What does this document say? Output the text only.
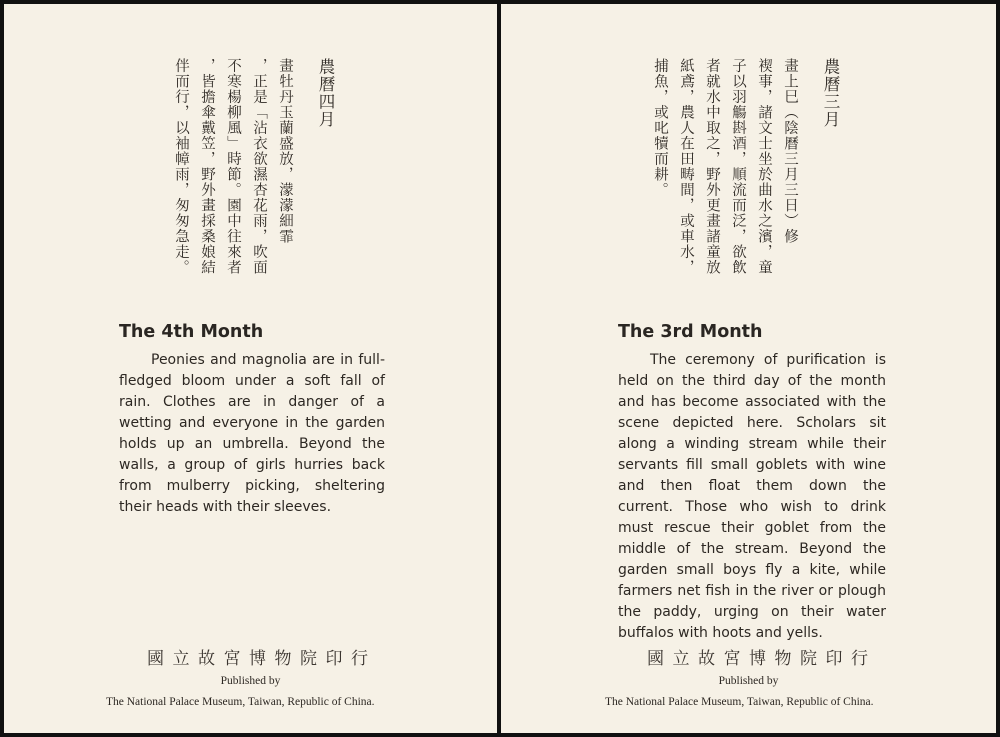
農曆四月
畫牡丹玉蘭盛放，濛濛細霏
，正是「沾衣欲濕杏花雨，吹面
不寒楊柳風」時節。園中往來者
，皆擔傘戴笠，野外畫採桑娘結
伴而行，以袖幛雨，匆匆急走。
The 4th Month

Peonies and magnolia are in full-fledged bloom under a soft fall of rain. Clothes are in danger of a wetting and everyone in the garden holds up an umbrella. Beyond the walls, a group of girls hurries back from mulberry picking, sheltering their heads with their sleeves.

國立故宮博物院印行
Published by
The National Palace Museum, Taiwan, Republic of China.
農曆三月
畫上巳（陰曆三月三日）修
褉事，諸文士坐於曲水之濱，童
子以羽觴斟酒，順流而泛，欲飲
者就水中取之，野外更畫諸童放
紙鳶，農人在田畴間，或車水，
捕魚，或叱犢而耕。
The 3rd Month

The ceremony of purification is held on the third day of the month and has become associated with the scene depicted here. Scholars sit along a winding stream while their servants fill small goblets with wine and then float them down the current. Those who wish to drink must rescue their goblet from the middle of the stream. Beyond the garden small boys fly a kite, while farmers net fish in the river or plough the paddy, urging on their water buffalos with hoots and yells.

國立故宮博物院印行
Published by
The National Palace Museum, Taiwan, Republic of China.
